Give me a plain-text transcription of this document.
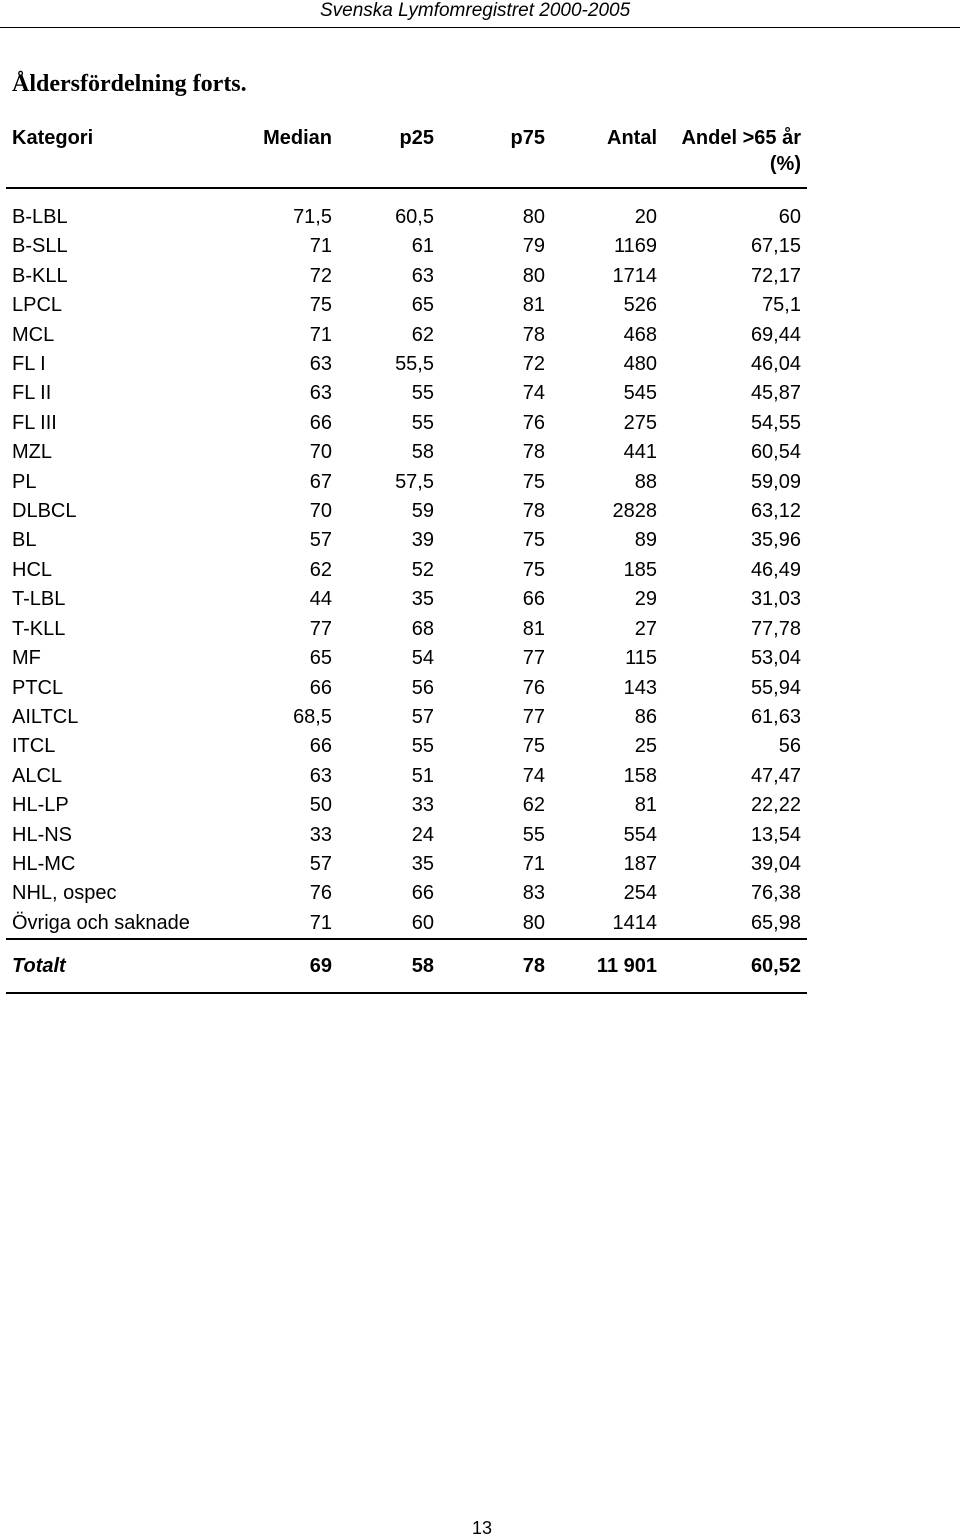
Svenska Lymfomregistret 2000-2005
Åldersfördelning forts.
Kategori	Median	p25	p75	Antal	Andel >65 år
(%)

B-LBL	71,5	60,5	80	20	60
B-SLL	71	61	79	1169	67,15
B-KLL	72	63	80	1714	72,17
LPCL	75	65	81	526	75,1
MCL	71	62	78	468	69,44
FL I	63	55,5	72	480	46,04
FL II	63	55	74	545	45,87
FL III	66	55	76	275	54,55
MZL	70	58	78	441	60,54
PL	67	57,5	75	88	59,09
DLBCL	70	59	78	2828	63,12
BL	57	39	75	89	35,96
HCL	62	52	75	185	46,49
T-LBL	44	35	66	29	31,03
T-KLL	77	68	81	27	77,78
MF	65	54	77	115	53,04
PTCL	66	56	76	143	55,94
AILTCL	68,5	57	77	86	61,63
ITCL	66	55	75	25	56
ALCL	63	51	74	158	47,47
HL-LP	50	33	62	81	22,22
HL-NS	33	24	55	554	13,54
HL-MC	57	35	71	187	39,04
NHL, ospec	76	66	83	254	76,38
Övriga och saknade	71	60	80	1414	65,98
Totalt	69	58	78	11 901	60,52
13
